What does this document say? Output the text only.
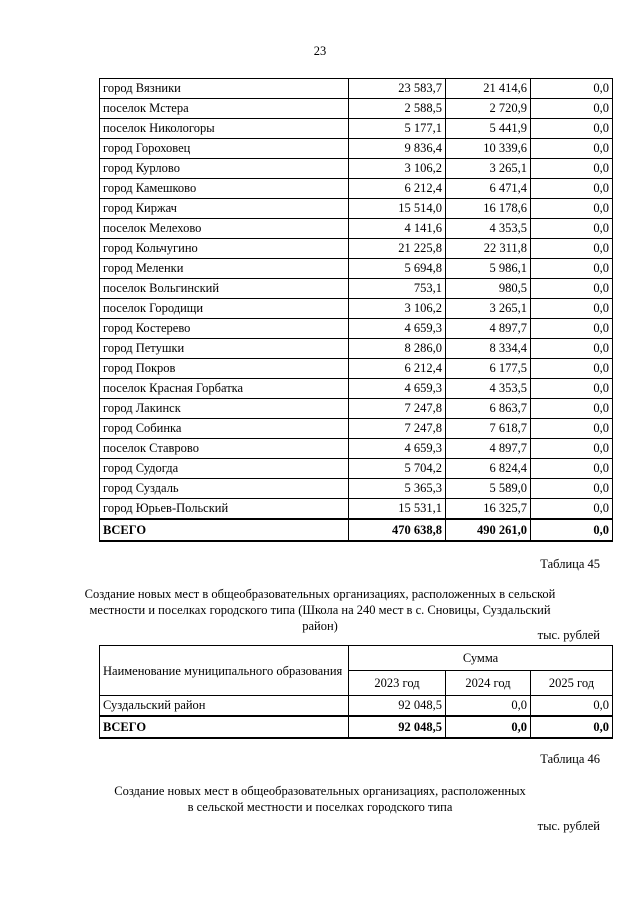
23
город Вязники	23 583,7	21 414,6	0,0
поселок Мстера	2 588,5	2 720,9	0,0
поселок Никологоры	5 177,1	5 441,9	0,0
город Гороховец	9 836,4	10 339,6	0,0
город Курлово	3 106,2	3 265,1	0,0
город Камешково	6 212,4	6 471,4	0,0
город Киржач	15 514,0	16 178,6	0,0
поселок Мелехово	4 141,6	4 353,5	0,0
город Кольчугино	21 225,8	22 311,8	0,0
город Меленки	5 694,8	5 986,1	0,0
поселок Вольгинский	753,1	980,5	0,0
поселок Городищи	3 106,2	3 265,1	0,0
город Костерево	4 659,3	4 897,7	0,0
город Петушки	8 286,0	8 334,4	0,0
город Покров	6 212,4	6 177,5	0,0
поселок Красная Горбатка	4 659,3	4 353,5	0,0
город Лакинск	7 247,8	6 863,7	0,0
город Собинка	7 247,8	7 618,7	0,0
поселок Ставрово	4 659,3	4 897,7	0,0
город Судогда	5 704,2	6 824,4	0,0
город Суздаль	5 365,3	5 589,0	0,0
город Юрьев-Польский	15 531,1	16 325,7	0,0
ВСЕГО	470 638,8	490 261,0	0,0
Таблица 45
Создание новых мест в общеобразовательных организациях, расположенных в сельской
местности и поселках городского типа (Школа на 240 мест в с. Сновицы, Суздальский
район)
тыс. рублей
Наименование муниципального образования	Сумма		
	2023 год	2024 год	2025 год
Суздальский район	92 048,5	0,0	0,0
ВСЕГО	92 048,5	0,0	0,0
Таблица 46
Создание новых мест в общеобразовательных организациях, расположенных
в сельской местности и поселках городского типа
тыс. рублей
